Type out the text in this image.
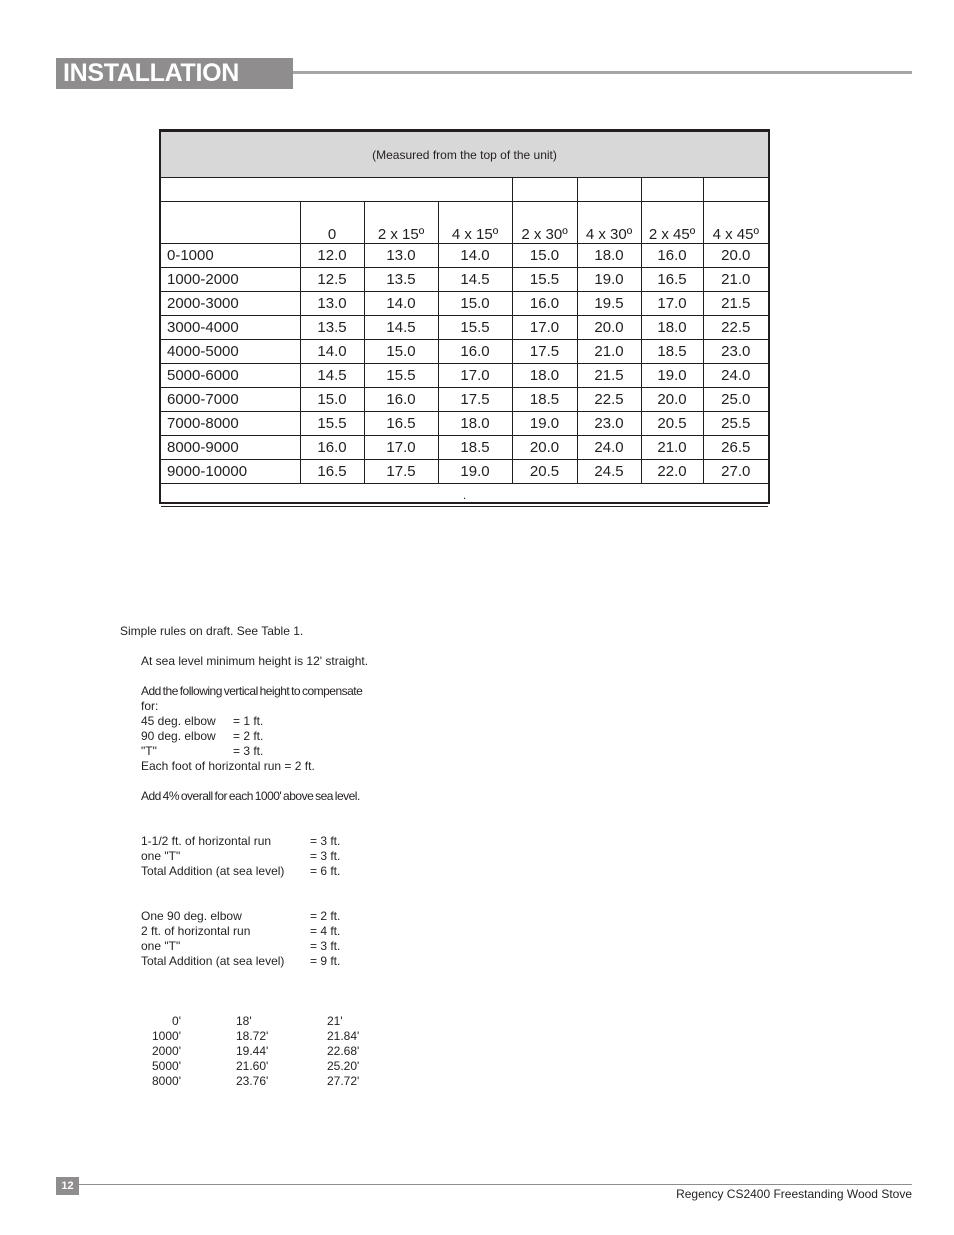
INSTALLATION
(Measured from the top of the unit)							

	0	2 x 15º	4 x 15º	2 x 30º	4 x 30º	2 x 45º	4 x 45º
0-1000	12.0	13.0	14.0	15.0	18.0	16.0	20.0
1000-2000	12.5	13.5	14.5	15.5	19.0	16.5	21.0
2000-3000	13.0	14.0	15.0	16.0	19.5	17.0	21.5
3000-4000	13.5	14.5	15.5	17.0	20.0	18.0	22.5
4000-5000	14.0	15.0	16.0	17.5	21.0	18.5	23.0
5000-6000	14.5	15.5	17.0	18.0	21.5	19.0	24.0
6000-7000	15.0	16.0	17.5	18.5	22.5	20.0	25.0
7000-8000	15.5	16.5	18.0	19.0	23.0	20.5	25.5
8000-9000	16.0	17.0	18.5	20.0	24.0	21.0	26.5
9000-10000	16.5	17.5	19.0	20.5	24.5	22.0	27.0
.							
Simple rules on draft. See Table 1.
At sea level minimum height is 12' straight.
Add the following vertical height to compensate
for:
45 deg. elbow	= 1 ft.
90 deg. elbow	= 2 ft.
"T"	= 3 ft.
Each foot of horizontal run = 2 ft.
Add 4% overall for each 1000' above sea level.
1-1/2 ft. of horizontal run	= 3 ft.
one "T"	= 3 ft.
Total Addition (at sea level)	= 6 ft.
One 90 deg. elbow	= 2 ft.
2 ft. of horizontal run	= 4 ft.
one "T"	= 3 ft.
Total Addition (at sea level)	= 9 ft.
0'	18'	21'
1000'	18.72'	21.84'
2000'	19.44'	22.68'
5000'	21.60'	25.20'
8000'	23.76'	27.72'
12
Regency CS2400 Freestanding Wood Stove
